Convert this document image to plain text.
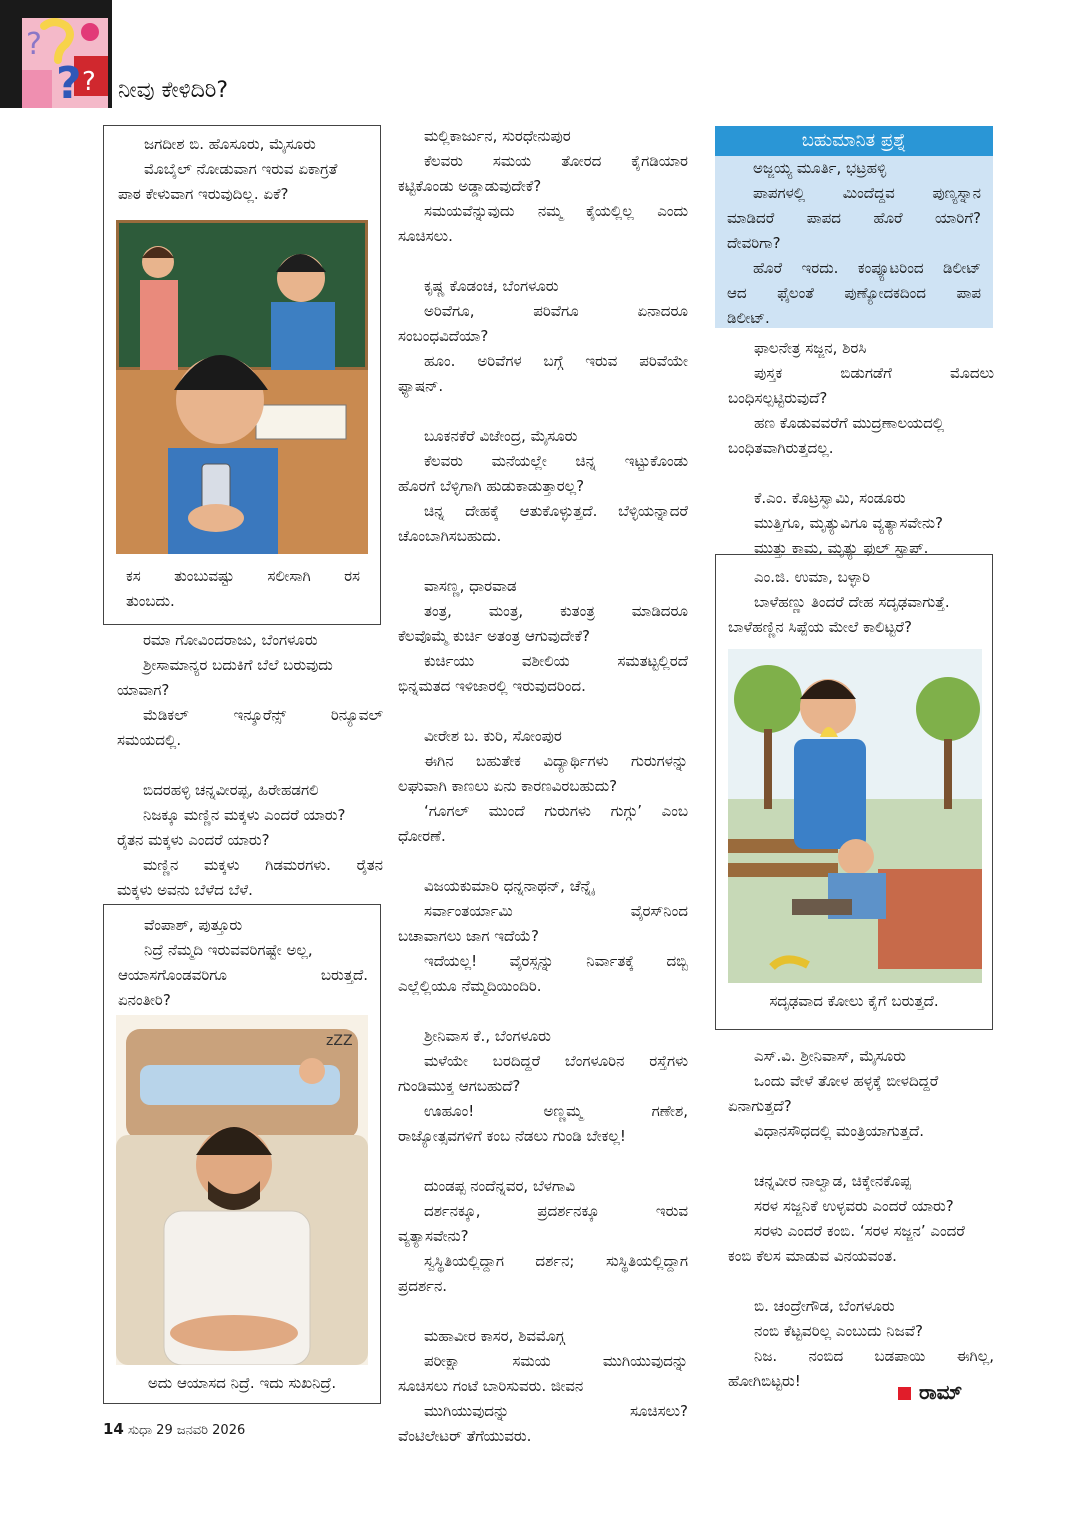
?
? ? ನೀವು ಕೇಳಿದಿರಿ?

ಜಗದೀಶ ಬಿ. ಹೊಸೂರು, ಮೈಸೂರು

ಮೊಬೈಲ್ ನೋಡುವಾಗ ಇರುವ ಏಕಾಗ್ರತೆ

ಪಾಠ ಕೇಳುವಾಗ ಇರುವುದಿಲ್ಲ. ಏಕೆ?

ಕಸ ತುಂಬುವಷ್ಟು ಸಲೀಸಾಗಿ ರಸ

ತುಂಬದು.

ರಮಾ ಗೋವಿಂದರಾಜು, ಬೆಂಗಳೂರು

ಶ್ರೀಸಾಮಾನ್ಯರ ಬದುಕಿಗೆ ಬೆಲೆ ಬರುವುದು

ಯಾವಾಗ?

ಮೆಡಿಕಲ್ ಇನ್ಶೂರೆನ್ಸ್ ರಿನ್ಯೂವಲ್

ಸಮಯದಲ್ಲಿ.

ಬಿದರಹಳ್ಳಿ ಚನ್ನವೀರಪ್ಪ, ಹಿರೇಹಡಗಲಿ

ನಿಜಕ್ಕೂ ಮಣ್ಣಿನ ಮಕ್ಕಳು ಎಂದರೆ ಯಾರು?

ರೈತನ ಮಕ್ಕಳು ಎಂದರೆ ಯಾರು?

ಮಣ್ಣಿನ ಮಕ್ಕಳು ಗಿಡಮರಗಳು. ರೈತನ

ಮಕ್ಕಳು ಅವನು ಬೆಳೆದ ಬೆಳೆ.

ವೆಂಪಾಶ್, ಪುತ್ತೂರು

ನಿದ್ರೆ ನೆಮ್ಮದಿ ಇರುವವರಿಗಷ್ಟೇ ಅಲ್ಲ,

ಆಯಾಸಗೊಂಡವರಿಗೂ ಬರುತ್ತದೆ.

ಏನಂತೀರಿ?

zZZ
ಅದು ಆಯಾಸದ ನಿದ್ರೆ. ಇದು ಸುಖನಿದ್ರೆ.

ಮಲ್ಲಿಕಾರ್ಜುನ, ಸುರಧೇನುಪುರ

ಕೆಲವರು ಸಮಯ ತೋರದ ಕೈಗಡಿಯಾರ

ಕಟ್ಟಿಕೊಂಡು ಅಡ್ಡಾಡುವುದೇಕೆ?

ಸಮಯವೆನ್ನುವುದು ನಮ್ಮ ಕೈಯಲ್ಲಿಲ್ಲ ಎಂದು

ಸೂಚಿಸಲು.

ಕೃಷ್ಣ ಕೊಡಂಚ, ಬೆಂಗಳೂರು

ಅರಿವೆಗೂ, ಪರಿವೆಗೂ ಏನಾದರೂ

ಸಂಬಂಧವಿದೆಯಾ?

ಹೂಂ. ಅರಿವೆಗಳ ಬಗ್ಗೆ ಇರುವ ಪರಿವೆಯೇ

ಫ್ಯಾಷನ್.

ಬೂಕನಕೆರೆ ವಿಜೇಂದ್ರ, ಮೈಸೂರು

ಕೆಲವರು ಮನೆಯಲ್ಲೇ ಚಿನ್ನ ಇಟ್ಟುಕೊಂಡು

ಹೊರಗೆ ಬೆಳ್ಳಿಗಾಗಿ ಹುಡುಕಾಡುತ್ತಾರಲ್ಲ?

ಚಿನ್ನ ದೇಹಕ್ಕೆ ಆತುಕೊಳ್ಳುತ್ತದೆ. ಬೆಳ್ಳಿಯನ್ನಾದರೆ

ಚೊಂಬಾಗಿಸಬಹುದು.

ವಾಸಣ್ಣ, ಧಾರವಾಡ

ತಂತ್ರ, ಮಂತ್ರ, ಕುತಂತ್ರ ಮಾಡಿದರೂ

ಕೆಲವೊಮ್ಮೆ ಕುರ್ಚಿ ಅತಂತ್ರ ಆಗುವುದೇಕೆ?

ಕುರ್ಚಿಯು ವಶೀಲಿಯ ಸಮತಟ್ಟಲ್ಲಿರದೆ

ಭಿನ್ನಮತದ ಇಳಿಜಾರಲ್ಲಿ ಇರುವುದರಿಂದ.

ವೀರೇಶ ಬ. ಕುರಿ, ಸೋಂಪುರ

ಈಗಿನ ಬಹುತೇಕ ವಿದ್ಯಾರ್ಥಿಗಳು ಗುರುಗಳನ್ನು

ಲಘುವಾಗಿ ಕಾಣಲು ಏನು ಕಾರಣವಿರಬಹುದು?

‘ಗೂಗಲ್ ಮುಂದೆ ಗುರುಗಳು ಗುಗ್ಗು’ ಎಂಬ

ಧೋರಣೆ.

ವಿಜಯಕುಮಾರಿ ಧನ್ನನಾಥನ್, ಚೆನ್ನೈ

ಸರ್ವಾಂತರ್ಯಾಮಿ ವೈರಸ್‌ನಿಂದ

ಬಚಾವಾಗಲು ಜಾಗ ಇದೆಯೆ?

ಇದೆಯಲ್ಲ! ವೈರಸ್ಸನ್ನು ನಿರ್ವಾತಕ್ಕೆ ದಬ್ಬಿ

ಎಲ್ಲೆಲ್ಲಿಯೂ ನೆಮ್ಮದಿಯಿಂದಿರಿ.

ಶ್ರೀನಿವಾಸ ಕೆ., ಬೆಂಗಳೂರು

ಮಳೆಯೇ ಬರದಿದ್ದರೆ ಬೆಂಗಳೂರಿನ ರಸ್ತೆಗಳು

ಗುಂಡಿಮುಕ್ತ ಆಗಬಹುದೆ?

ಊಹೂಂ! ಅಣ್ಣಮ್ಮ ಗಣೇಶ,

ರಾಜ್ಯೋತ್ಸವಗಳಿಗೆ ಕಂಬ ನೆಡಲು ಗುಂಡಿ ಬೇಕಲ್ಲ!

ದುಂಡಪ್ಪ ನಂದೆನ್ನವರ, ಬೆಳಗಾವಿ

ದರ್ಶನಕ್ಕೂ, ಪ್ರದರ್ಶನಕ್ಕೂ ಇರುವ

ವ್ಯತ್ಯಾಸವೇನು?

ಸ್ವಸ್ಥಿತಿಯಲ್ಲಿದ್ದಾಗ ದರ್ಶನ; ಸುಸ್ಥಿತಿಯಲ್ಲಿದ್ದಾಗ

ಪ್ರದರ್ಶನ.

ಮಹಾವೀರ ಕಾಸರ, ಶಿವಮೊಗ್ಗ

ಪರೀಕ್ಷಾ ಸಮಯ ಮುಗಿಯುವುದನ್ನು

ಸೂಚಿಸಲು ಗಂಟೆ ಬಾರಿಸುವರು. ಜೀವನ

ಮುಗಿಯುವುದನ್ನು ಸೂಚಿಸಲು?

ವೆಂಟಿಲೇಟರ್ ತೆಗೆಯುವರು.

ಬಹುಮಾನಿತ ಪ್ರಶ್ನೆ

ಅಜ್ಜಯ್ಯ ಮೂರ್ತಿ, ಭಟ್ರಹಳ್ಳಿ

ಪಾಪಗಳಲ್ಲಿ ಮಿಂದೆದ್ದವ ಪುಣ್ಯಸ್ನಾನ

ಮಾಡಿದರೆ ಪಾಪದ ಹೊರೆ ಯಾರಿಗೆ?

ದೇವರಿಗಾ?

ಹೊರೆ ಇರದು. ಕಂಪ್ಯೂಟರಿಂದ ಡಿಲೀಟ್

ಆದ ಫೈಲಂತೆ ಪುಣ್ಯೋದಕದಿಂದ ಪಾಪ

ಡಿಲೀಟ್.

ಫಾಲನೇತ್ರ ಸಜ್ಜನ, ಶಿರಸಿ

ಪುಸ್ತಕ ಬಿಡುಗಡೆಗೆ ಮೊದಲು

ಬಂಧಿಸಲ್ಪಟ್ಟಿರುವುದೆ?

ಹಣ ಕೊಡುವವರೆಗೆ ಮುದ್ರಣಾಲಯದಲ್ಲಿ

ಬಂಧಿತವಾಗಿರುತ್ತದಲ್ಲ.

ಕೆ.ಎಂ. ಕೊಟ್ರಸ್ವಾಮಿ, ಸಂಡೂರು

ಮುತ್ತಿಗೂ, ಮೃತ್ಯುವಿಗೂ ವ್ಯತ್ಯಾಸವೇನು?

ಮುತ್ತು ಕಾಮ, ಮೃತ್ಯು ಫುಲ್ ಸ್ಟಾಪ್.

ಎಂ.ಜಿ. ಉಮಾ, ಬಳ್ಳಾರಿ

ಬಾಳೆಹಣ್ಣು ತಿಂದರೆ ದೇಹ ಸದೃಢವಾಗುತ್ತೆ.

ಬಾಳೆಹಣ್ಣಿನ ಸಿಪ್ಪೆಯ ಮೇಲೆ ಕಾಲಿಟ್ಟರೆ?

ಸದೃಢವಾದ ಕೋಲು ಕೈಗೆ ಬರುತ್ತದೆ.

ಎಸ್.ವಿ. ಶ್ರೀನಿವಾಸ್, ಮೈಸೂರು

ಒಂದು ವೇಳೆ ತೋಳ ಹಳ್ಳಕ್ಕೆ ಬೀಳದಿದ್ದರೆ

ಏನಾಗುತ್ತದೆ?

ವಿಧಾನಸೌಧದಲ್ಲಿ ಮಂತ್ರಿಯಾಗುತ್ತದೆ.

ಚನ್ನವೀರ ನಾಲ್ವಾಡ, ಚಿಕ್ಕೇನಕೊಪ್ಪ

ಸರಳ ಸಜ್ಜನಿಕೆ ಉಳ್ಳವರು ಎಂದರೆ ಯಾರು?

ಸರಳು ಎಂದರೆ ಕಂಬಿ. ‘ಸರಳ ಸಜ್ಜನ’ ಎಂದರೆ

ಕಂಬಿ ಕೆಲಸ ಮಾಡುವ ವಿನಯವಂತ.

ಬಿ. ಚಂದ್ರೇಗೌಡ, ಬೆಂಗಳೂರು

ನಂಬಿ ಕೆಟ್ಟವರಿಲ್ಲ ಎಂಬುದು ನಿಜವೆ?

ನಿಜ. ನಂಬಿದ ಬಡಪಾಯಿ ಈಗಿಲ್ಲ,

ಹೋಗಿಬಿಟ್ಟರು!	ರಾಮ್
14 ಸುಧಾ 29 ಜನವರಿ 2026
